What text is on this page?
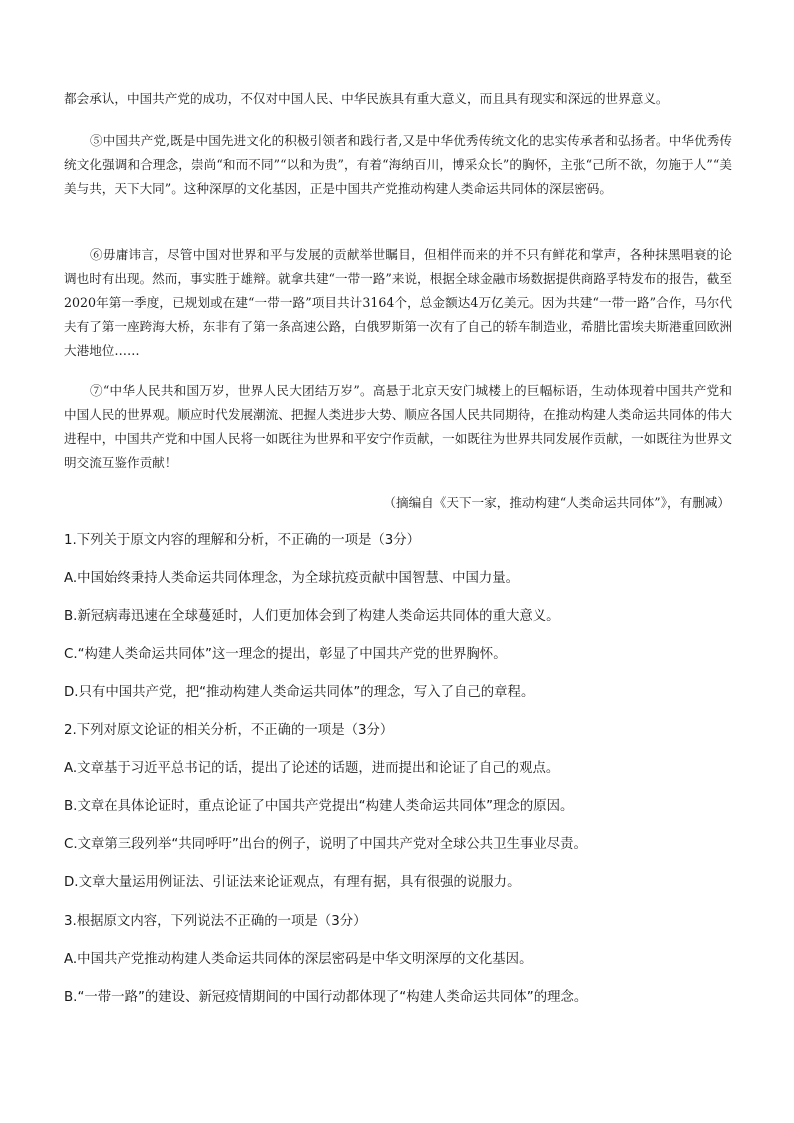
都会承认，中国共产党的成功，不仅对中国人民、中华民族具有重大意义，而且具有现实和深远的世界意义。

⑤中国共产党,既是中国先进文化的积极引领者和践行者,又是中华优秀传统文化的忠实传承者和弘扬者。中华优秀传统文化强调和合理念，崇尚“和而不同”“以和为贵”，有着“海纳百川，博采众长”的胸怀，主张“己所不欲，勿施于人”“美美与共，天下大同”。这种深厚的文化基因，正是中国共产党推动构建人类命运共同体的深层密码。

⑥毋庸讳言，尽管中国对世界和平与发展的贡献举世瞩目，但相伴而来的并不只有鲜花和掌声，各种抹黑唱衰的论调也时有出现。然而，事实胜于雄辩。就拿共建“一带一路”来说，根据全球金融市场数据提供商路孚特发布的报告，截至2020年第一季度，已规划或在建“一带一路”项目共计3164个，总金额达4万亿美元。因为共建“一带一路”合作，马尔代夫有了第一座跨海大桥，东非有了第一条高速公路，白俄罗斯第一次有了自己的轿车制造业，希腊比雷埃夫斯港重回欧洲大港地位……

⑦“中华人民共和国万岁，世界人民大团结万岁”。高悬于北京天安门城楼上的巨幅标语，生动体现着中国共产党和中国人民的世界观。顺应时代发展潮流、把握人类进步大势、顺应各国人民共同期待，在推动构建人类命运共同体的伟大进程中，中国共产党和中国人民将一如既往为世界和平安宁作贡献，一如既往为世界共同发展作贡献，一如既往为世界文明交流互鉴作贡献！

（摘编自《天下一家，推动构建“人类命运共同体”》，有删减）

1.下列关于原文内容的理解和分析，不正确的一项是（3分）

A.中国始终秉持人类命运共同体理念，为全球抗疫贡献中国智慧、中国力量。

B.新冠病毒迅速在全球蔓延时，人们更加体会到了构建人类命运共同体的重大意义。

C.“构建人类命运共同体”这一理念的提出，彰显了中国共产党的世界胸怀。

D.只有中国共产党，把“推动构建人类命运共同体”的理念，写入了自己的章程。

2.下列对原文论证的相关分析，不正确的一项是（3分）

A.文章基于习近平总书记的话，提出了论述的话题，进而提出和论证了自己的观点。

B.文章在具体论证时，重点论证了中国共产党提出“构建人类命运共同体”理念的原因。

C.文章第三段列举“共同呼吁”出台的例子，说明了中国共产党对全球公共卫生事业尽责。

D.文章大量运用例证法、引证法来论证观点，有理有据，具有很强的说服力。

3.根据原文内容，下列说法不正确的一项是（3分）

A.中国共产党推动构建人类命运共同体的深层密码是中华文明深厚的文化基因。

B.“一带一路”的建设、新冠疫情期间的中国行动都体现了“构建人类命运共同体”的理念。
